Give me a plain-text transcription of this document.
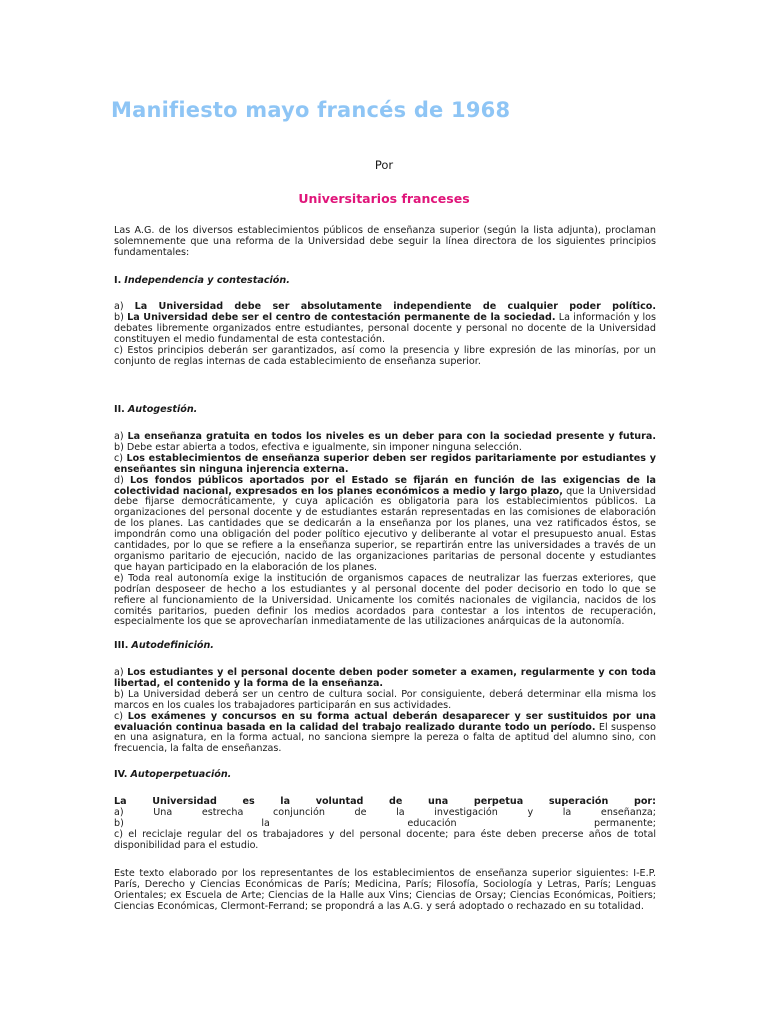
Manifiesto mayo francés de 1968
Por
Universitarios franceses
Las A.G. de los diversos establecimientos públicos de enseñanza superior (según la lista adjunta), proclaman solemnemente que una reforma de la Universidad debe seguir la línea directora de los siguientes principios fundamentales:
I. Independencia y contestación.
a) La Universidad debe ser absolutamente independiente de cualquier poder político.
b) La Universidad debe ser el centro de contestación permanente de la sociedad. La información y los debates libremente organizados entre estudiantes, personal docente y personal no docente de la Universidad constituyen el medio fundamental de esta contestación.
c) Estos principios deberán ser garantizados, así como la presencia y libre expresión de las minorías, por un conjunto de reglas internas de cada establecimiento de enseñanza superior.
II. Autogestión.
a) La enseñanza gratuita en todos los niveles es un deber para con la sociedad presente y futura.
b) Debe estar abierta a todos, efectiva e igualmente, sin imponer ninguna selección.
c) Los establecimientos de enseñanza superior deben ser regidos paritariamente por estudiantes y enseñantes sin ninguna injerencia externa.
d) Los fondos públicos aportados por el Estado se fijarán en función de las exigencias de la colectividad nacional, expresados en los planes económicos a medio y largo plazo, que la Universidad debe fijarse democráticamente, y cuya aplicación es obligatoria para los establecimientos públicos. La organizaciones del personal docente y de estudiantes estarán representadas en las comisiones de elaboración de los planes. Las cantidades que se dedicarán a la enseñanza por los planes, una vez ratificados éstos, se impondrán como una obligación del poder político ejecutivo y deliberante al votar el presupuesto anual. Estas cantidades, por lo que se refiere a la enseñanza superior, se repartirán entre las universidades a través de un organismo paritario de ejecución, nacido de las organizaciones paritarias de personal docente y estudiantes que hayan participado en la elaboración de los planes.
e) Toda real autonomía exige la institución de organismos capaces de neutralizar las fuerzas exteriores, que podrían desposeer de hecho a los estudiantes y al personal docente del poder decisorio en todo lo que se refiere al funcionamiento de la Universidad. Unicamente los comités nacionales de vigilancia, nacidos de los comités paritarios, pueden definir los medios acordados para contestar a los intentos de recuperación, especialmente los que se aprovecharían inmediatamente de las utilizaciones anárquicas de la autonomía.
III. Autodefinición.
a) Los estudiantes y el personal docente deben poder someter a examen, regularmente y con toda libertad, el contenido y la forma de la enseñanza.
b) La Universidad deberá ser un centro de cultura social. Por consiguiente, deberá determinar ella misma los marcos en los cuales los trabajadores participarán en sus actividades.
c) Los exámenes y concursos en su forma actual deberán desaparecer y ser sustituidos por una evaluación continua basada en la calidad del trabajo realizado durante todo un período. El suspenso en una asignatura, en la forma actual, no sanciona siempre la pereza o falta de aptitud del alumno sino, con frecuencia, la falta de enseñanzas.
IV. Autoperpetuación.
La Universidad es la voluntad de una perpetua superación por:
a) Una estrecha conjunción de la investigación y la enseñanza;
b) la educación permanente;
c) el reciclaje regular del os trabajadores y del personal docente; para éste deben precerse años de total disponibilidad para el estudio.
Este texto elaborado por los representantes de los establecimientos de enseñanza superior siguientes: I-E.P. París, Derecho y Ciencias Económicas de París; Medicina, París; Filosofía, Sociología y Letras, París; Lenguas Orientales; ex Escuela de Arte; Ciencias de la Halle aux Vins; Ciencias de Orsay; Ciencias Económicas, Poitiers; Ciencias Económicas, Clermont-Ferrand; se propondrá a las A.G. y será adoptado o rechazado en su totalidad.
